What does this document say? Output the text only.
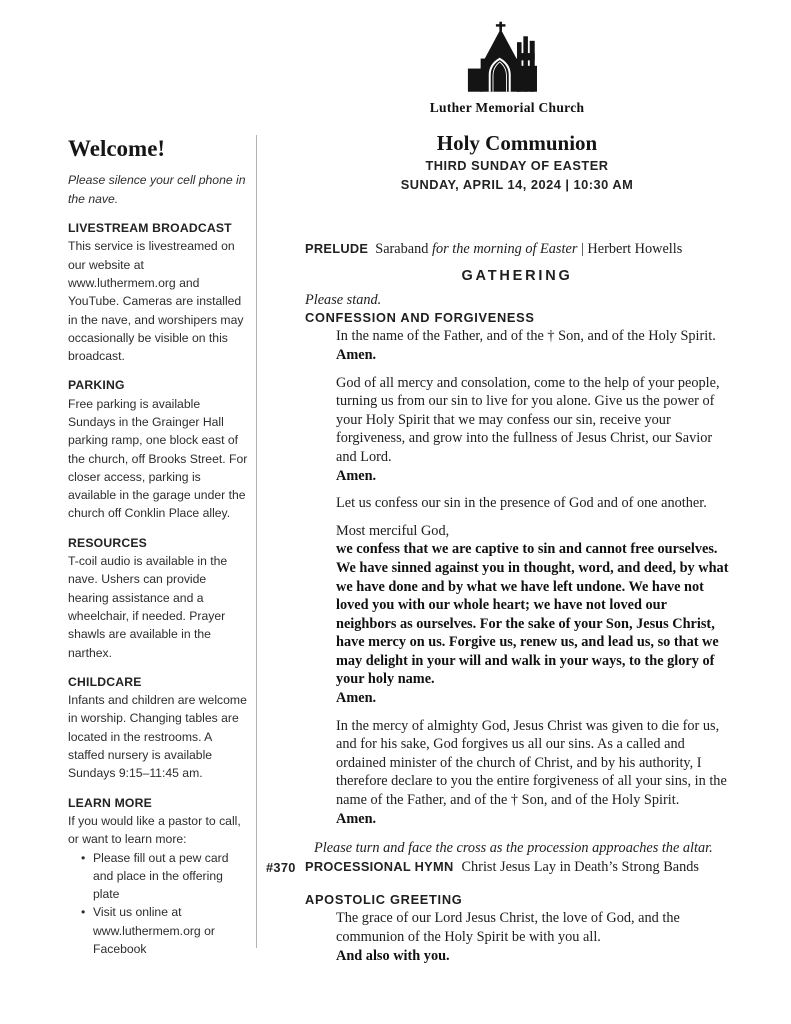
Luther Memorial Church
Welcome!

Please silence your cell phone in the nave.

LIVESTREAM BROADCAST

This service is livestreamed on our website at www.luthermem.org and YouTube. Cameras are installed in the nave, and worshipers may occasionally be visible on this broadcast.

PARKING

Free parking is available Sundays in the Grainger Hall parking ramp, one block east of the church, off Brooks Street. For closer access, parking is available in the garage under the church off Conklin Place alley.

RESOURCES

T-coil audio is available in the nave. Ushers can provide hearing assistance and a wheelchair, if needed. Prayer shawls are available in the narthex.

CHILDCARE

Infants and children are welcome in worship. Changing tables are located in the restrooms. A staffed nursery is available Sundays 9:15–11:45 am.

LEARN MORE

If you would like a pastor to call, or want to learn more:

• Please fill out a pew card and place in the offering plate
• Visit us online at www.luthermem.org or Facebook
Holy Communion
THIRD SUNDAY OF EASTER
SUNDAY, APRIL 14, 2024 | 10:30 AM

PRELUDE Saraband for the morning of Easter | Herbert Howells

GATHERING

Please stand.

CONFESSION AND FORGIVENESS

In the name of the Father, and of the † Son, and of the Holy Spirit.
Amen.

God of all mercy and consolation, come to the help of your people, turning us from our sin to live for you alone. Give us the power of your Holy Spirit that we may confess our sin, receive your forgiveness, and grow into the fullness of Jesus Christ, our Savior and Lord.
Amen.

Let us confess our sin in the presence of God and of one another.

Most merciful God,
we confess that we are captive to sin and cannot free ourselves. We have sinned against you in thought, word, and deed, by what we have done and by what we have left undone. We have not loved you with our whole heart; we have not loved our neighbors as ourselves. For the sake of your Son, Jesus Christ, have mercy on us. Forgive us, renew us, and lead us, so that we may delight in your will and walk in your ways, to the glory of your holy name.
Amen.

In the mercy of almighty God, Jesus Christ was given to die for us, and for his sake, God forgives us all our sins. As a called and ordained minister of the church of Christ, and by his authority, I therefore declare to you the entire forgiveness of all your sins, in the name of the Father, and of the † Son, and of the Holy Spirit.
Amen.

Please turn and face the cross as the procession approaches the altar.

#370 PROCESSIONAL HYMN Christ Jesus Lay in Death’s Strong Bands
APOSTOLIC GREETING

The grace of our Lord Jesus Christ, the love of God, and the communion of the Holy Spirit be with you all.
And also with you.
